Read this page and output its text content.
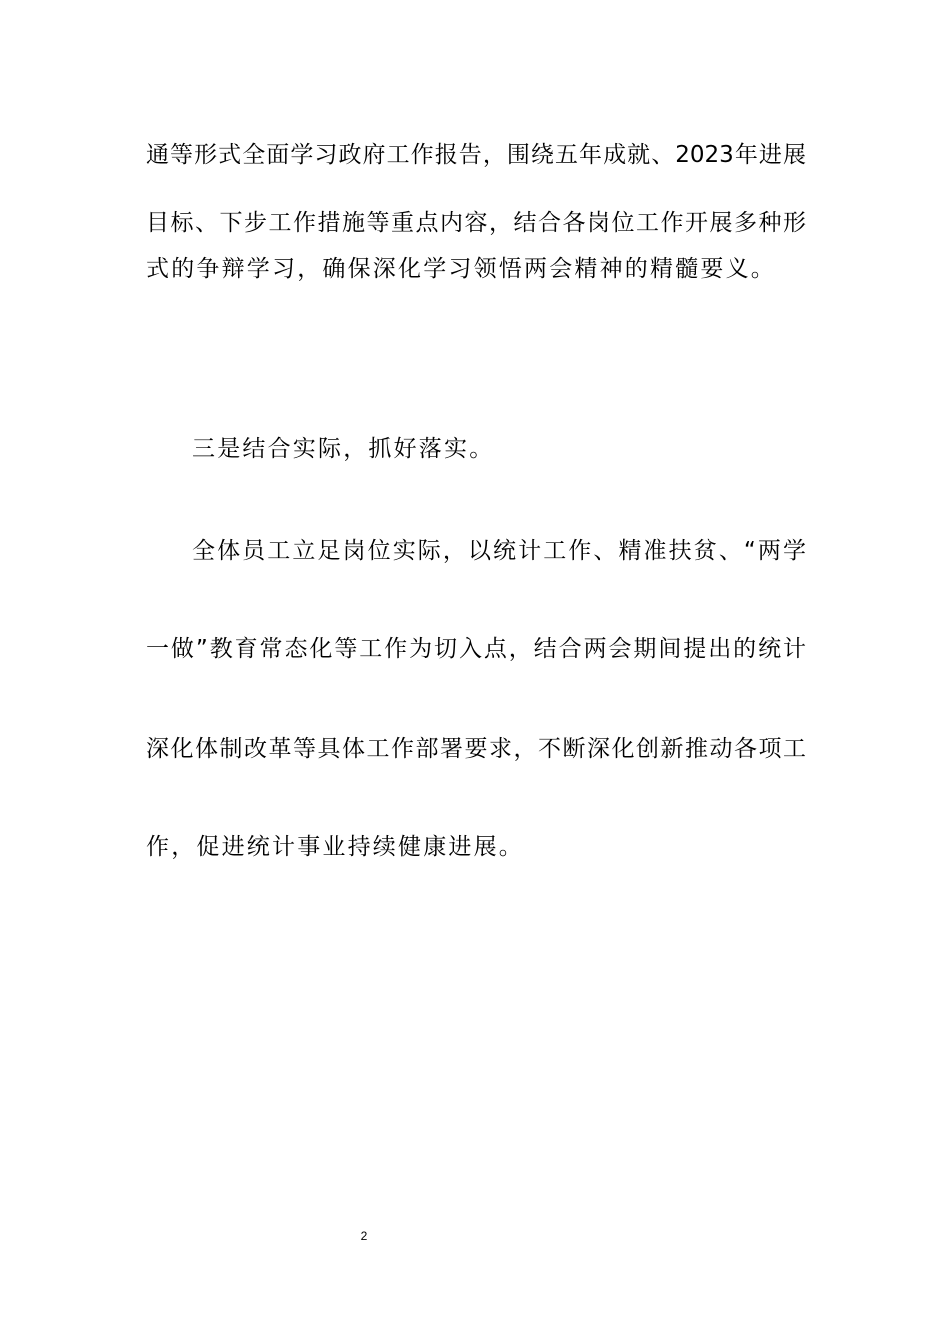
通等形式全面学习政府工作报告，围绕五年成就、2023年进展
目标、下步工作措施等重点内容，结合各岗位工作开展多种形
式的争辩学习，确保深化学习领悟两会精神的精髓要义。
三是结合实际，抓好落实。
全体员工立足岗位实际，以统计工作、精准扶贫、“两学
一做”教育常态化等工作为切入点，结合两会期间提出的统计
深化体制改革等具体工作部署要求，不断深化创新推动各项工
作，促进统计事业持续健康进展。
2
